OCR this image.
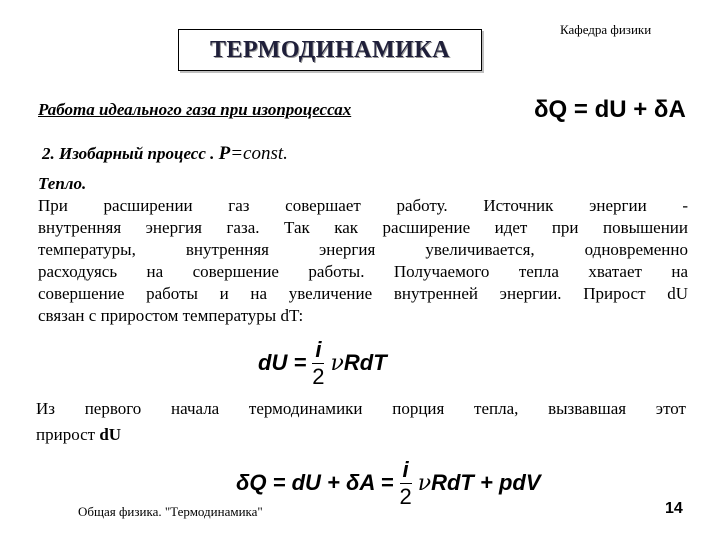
Кафедра физики
ТЕРМОДИНАМИКА
Работа идеального газа при изопроцессах	δQ = dU + δA
2. Изобарный процесс . P=const.
Тепло.
При расширении газ совершает работу. Источник энергии -
внутренняя энергия газа. Так как расширение идет при повышении
температуры, внутренняя энергия увеличивается, одновременно
расходуясь на совершение работы. Получаемого тепла хватает на
совершение работы и на увеличение внутренней энергии. Прирост dU
связан с приростом температуры dT:
dU = $\frac{i}{2}$ ν RdT
Из первого начала термодинамики порция тепла, вызвавшая этот
прирост dU
δQ = dU + $\delta A = \frac{i}{2}$ ν RdT + pdV
Общая физика. "Термодинамика"	14
